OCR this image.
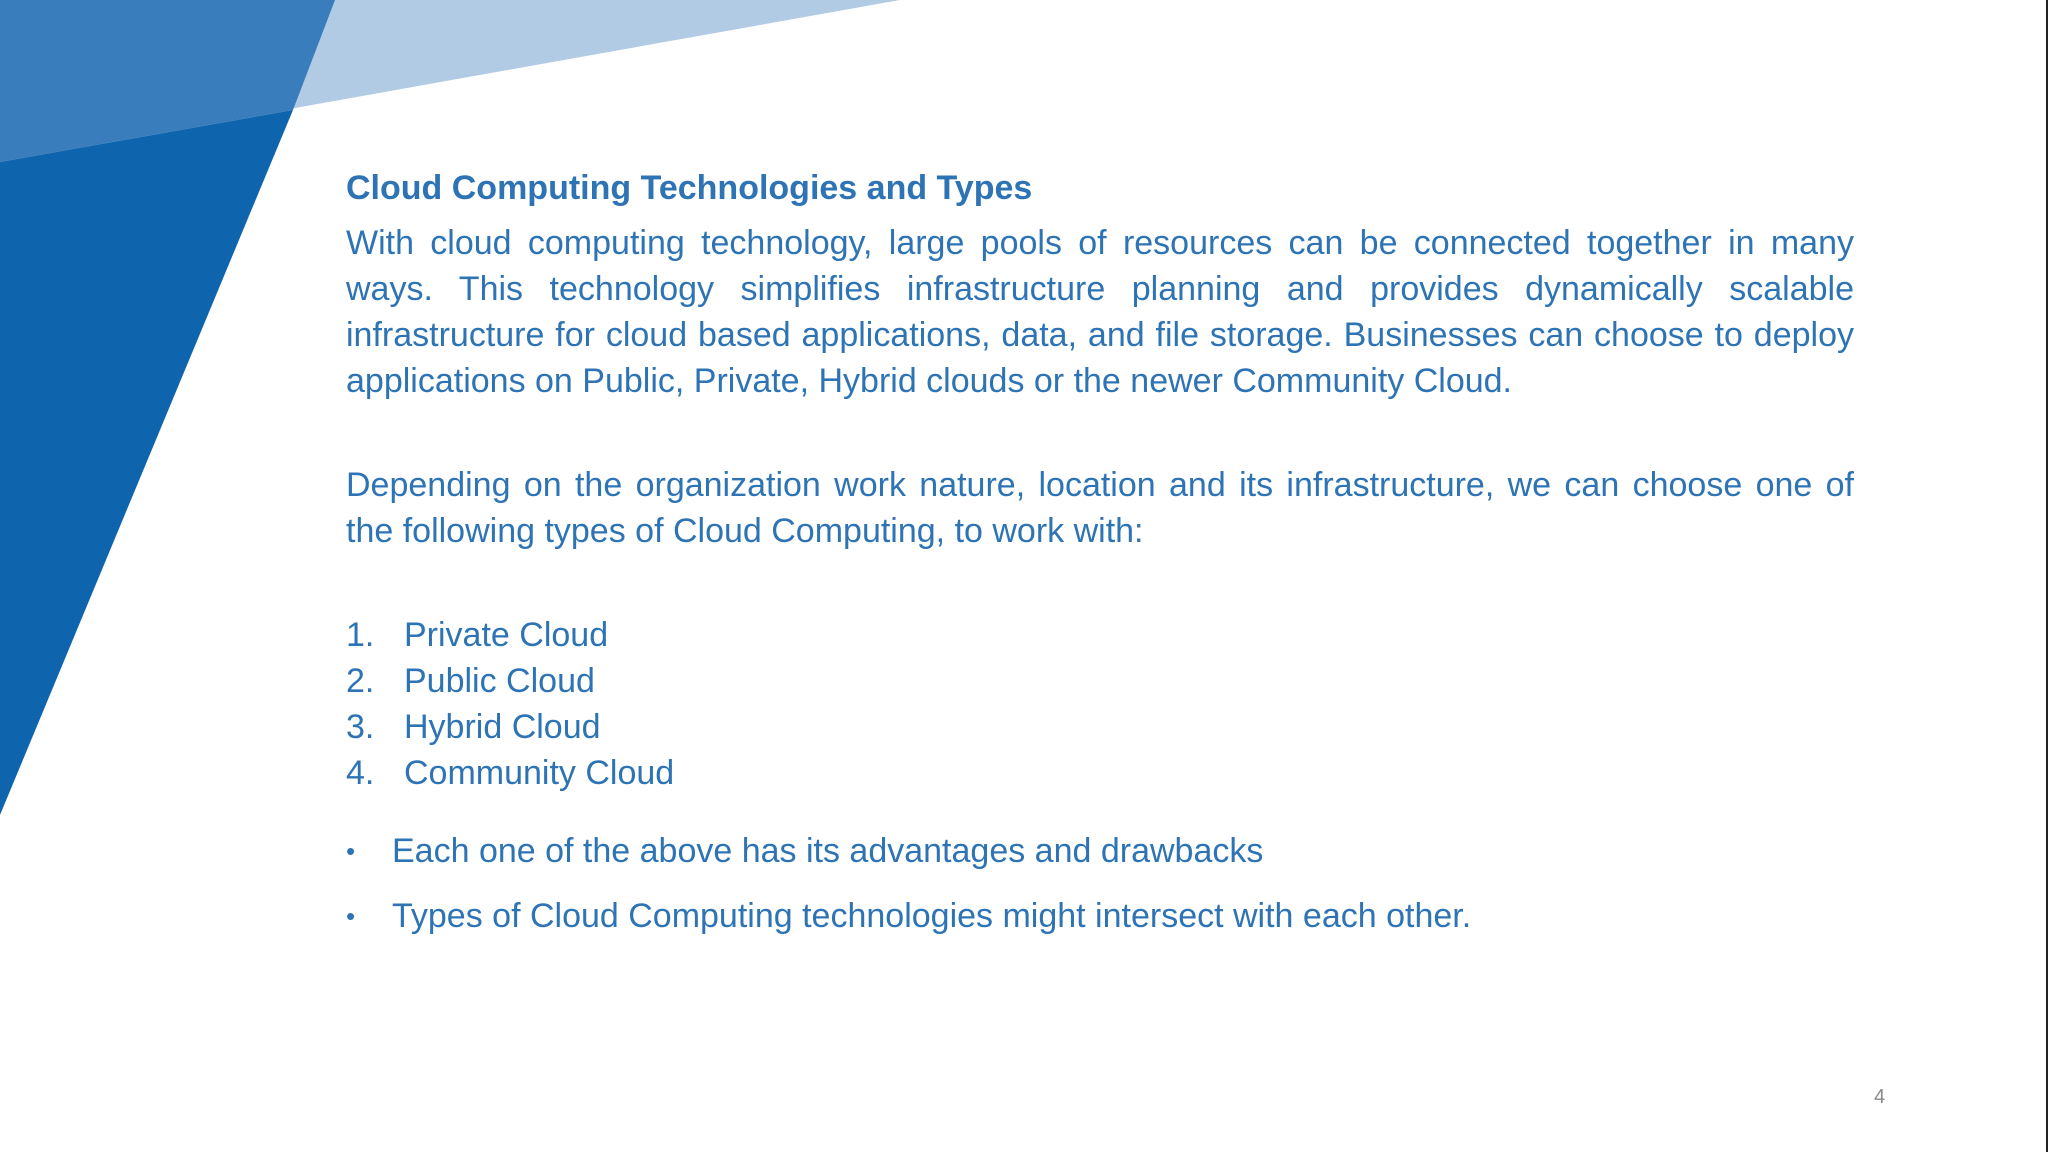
Cloud Computing Technologies and Types

With cloud computing technology, large pools of resources can be connected together in many ways. This technology simplifies infrastructure planning and provides dynamically scalable infrastructure for cloud based applications, data, and file storage. Businesses can choose to deploy applications on Public, Private, Hybrid clouds or the newer Community Cloud.

Depending on the organization work nature, location and its infrastructure, we can choose one of the following types of Cloud Computing, to work with:

1. Private Cloud
2. Public Cloud
3. Hybrid Cloud
4. Community Cloud
•	Each one of the above has its advantages and drawbacks
•	Types of Cloud Computing technologies might intersect with each other.
4
